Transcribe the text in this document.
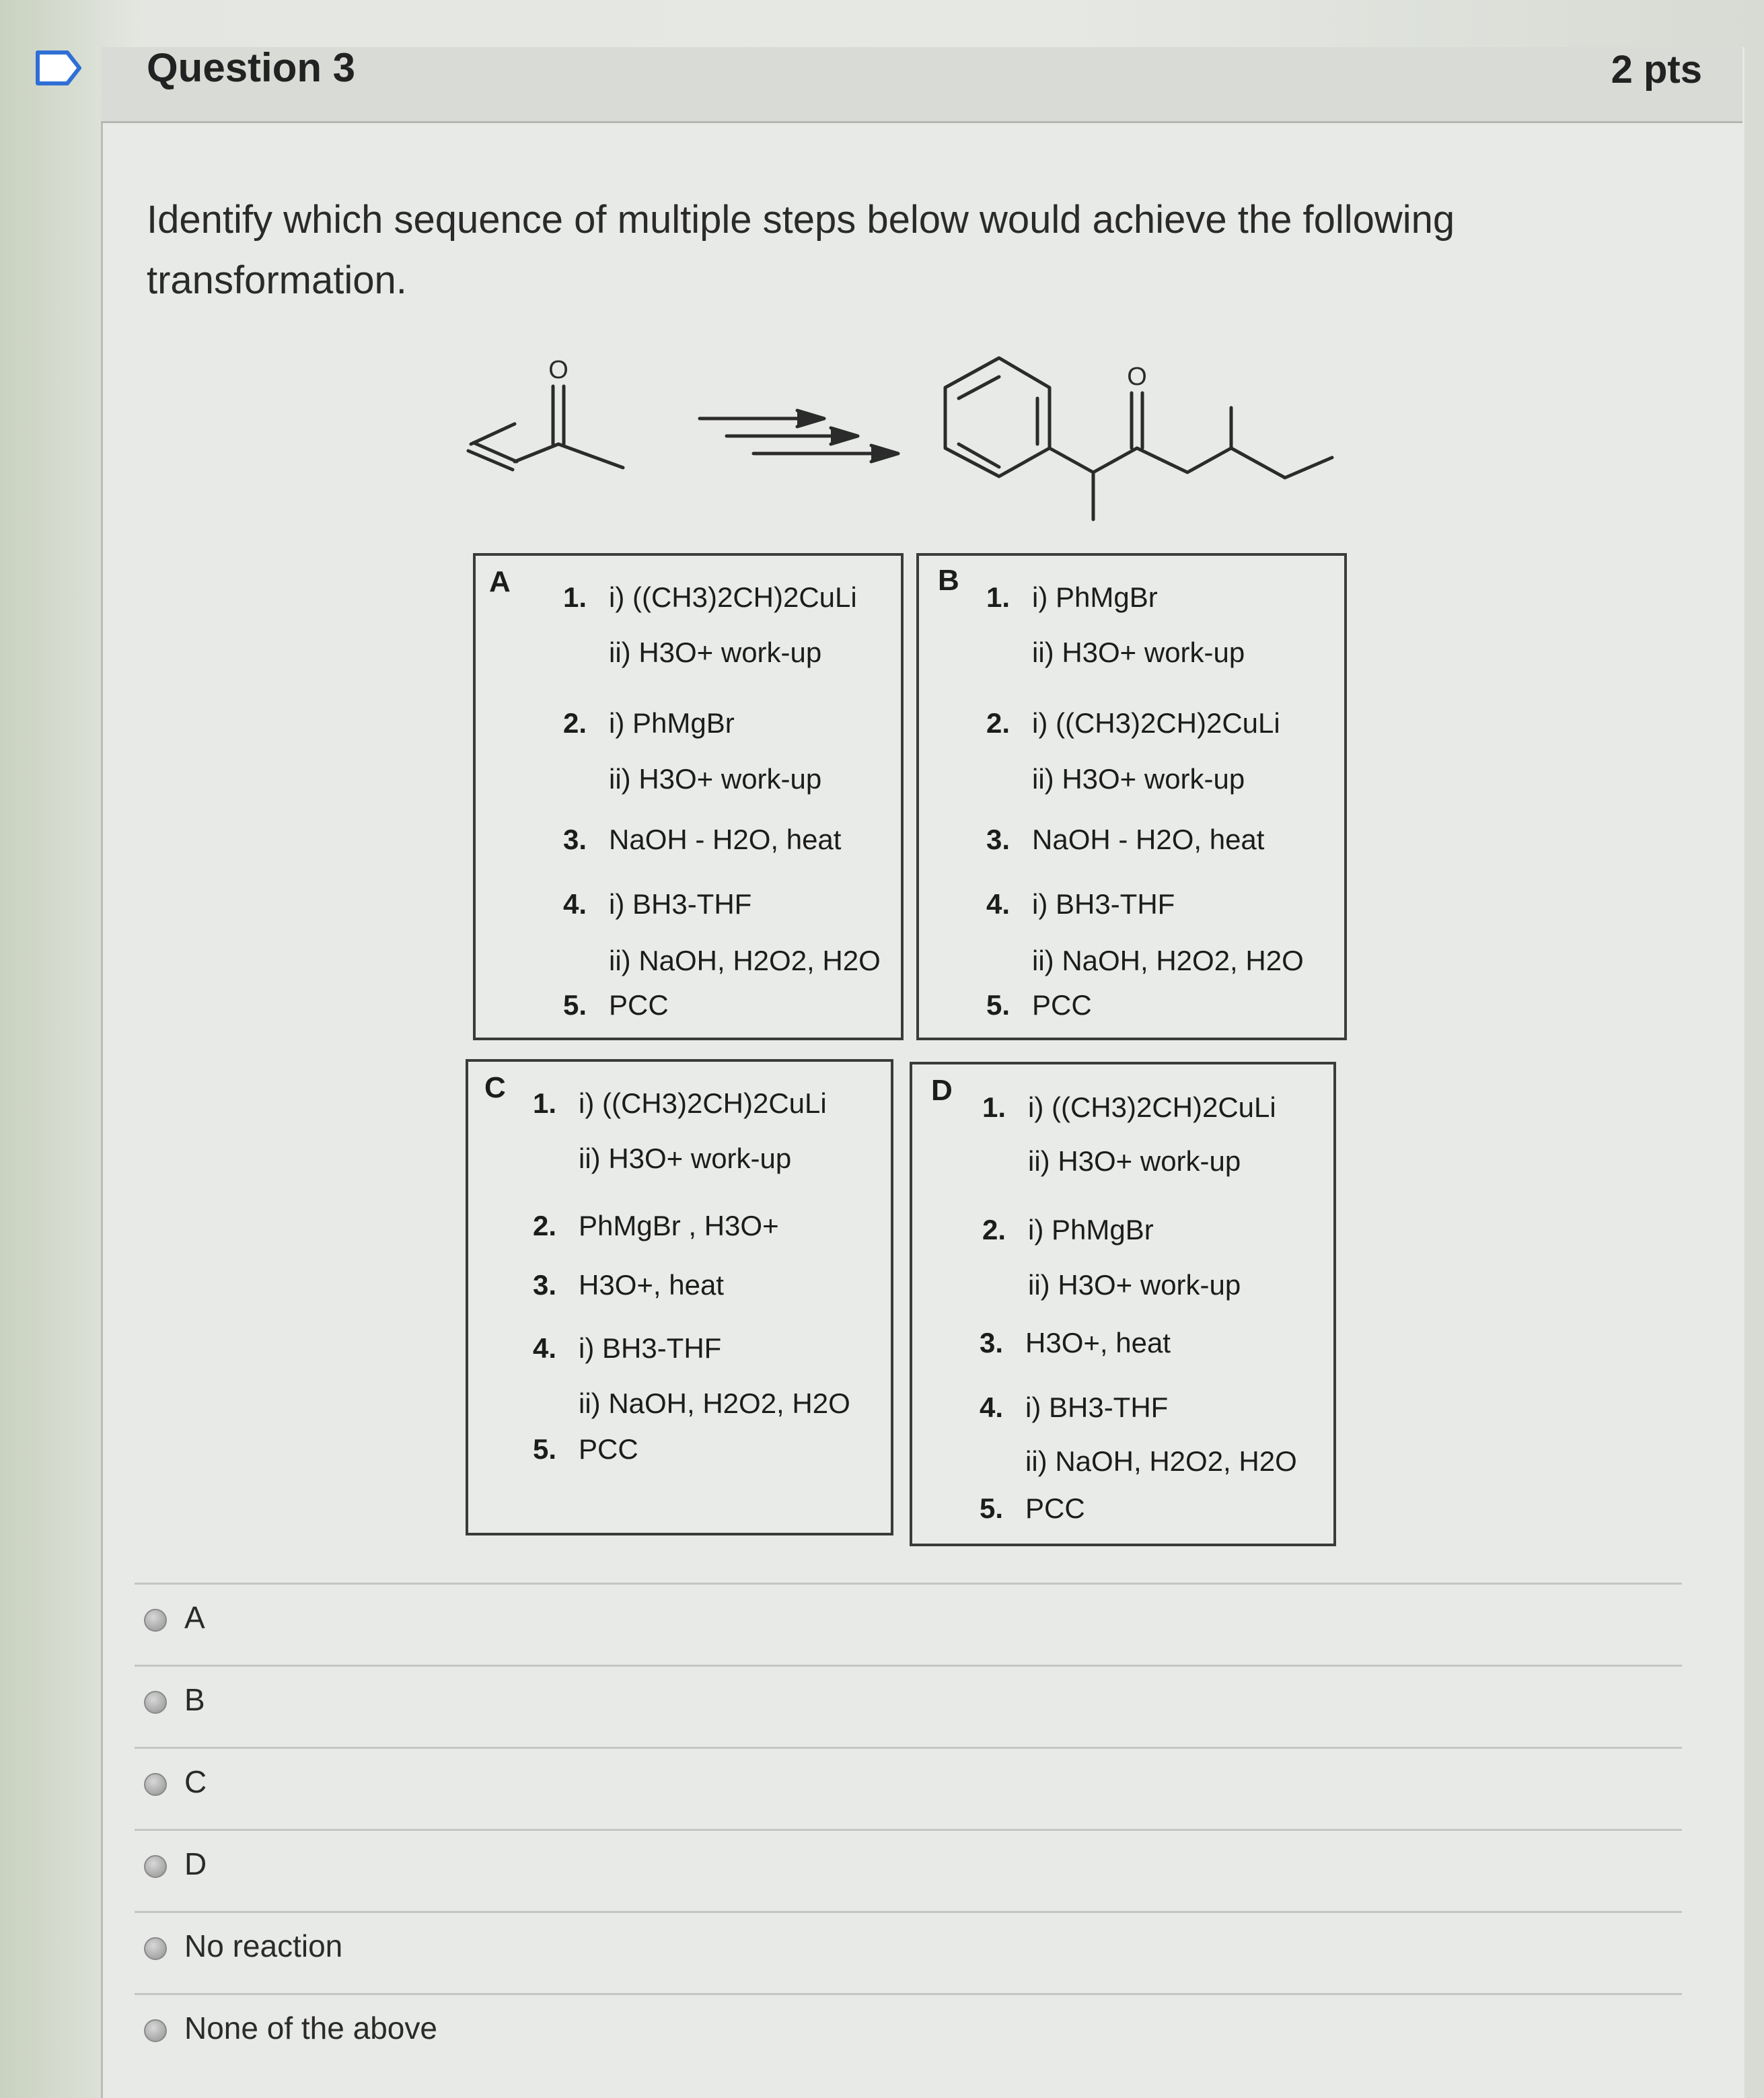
Question 3	2 pts
Identify which sequence of multiple steps below would achieve the following transformation.
O	O
A 1. i) ((CH3)2CH)2CuLi
ii) H3O+ work-up
2. i) PhMgBr
ii) H3O+ work-up
3. NaOH - H2O, heat
4. i) BH3-THF
ii) NaOH, H2O2, H2O
5. PCC
B
1. i) PhMgBr
ii) H3O+ work-up
2. i) ((CH3)2CH)2CuLi
ii) H3O+ work-up
3. NaOH - H2O, heat
4. i) BH3-THF
ii) NaOH, H2O2, H2O
5. PCC
C 1. i) ((CH3)2CH)2CuLi
ii) H3O+ work-up
2. PhMgBr , H3O+
3. H3O+, heat
4. i) BH3-THF
ii) NaOH, H2O2, H2O
5. PCC
D
1. i) ((CH3)2CH)2CuLi
ii) H3O+ work-up
2. i) PhMgBr
ii) H3O+ work-up
3. H3O+, heat
4. i) BH3-THF
ii) NaOH, H2O2, H2O
5. PCC
A
B
C
D
No reaction
None of the above
